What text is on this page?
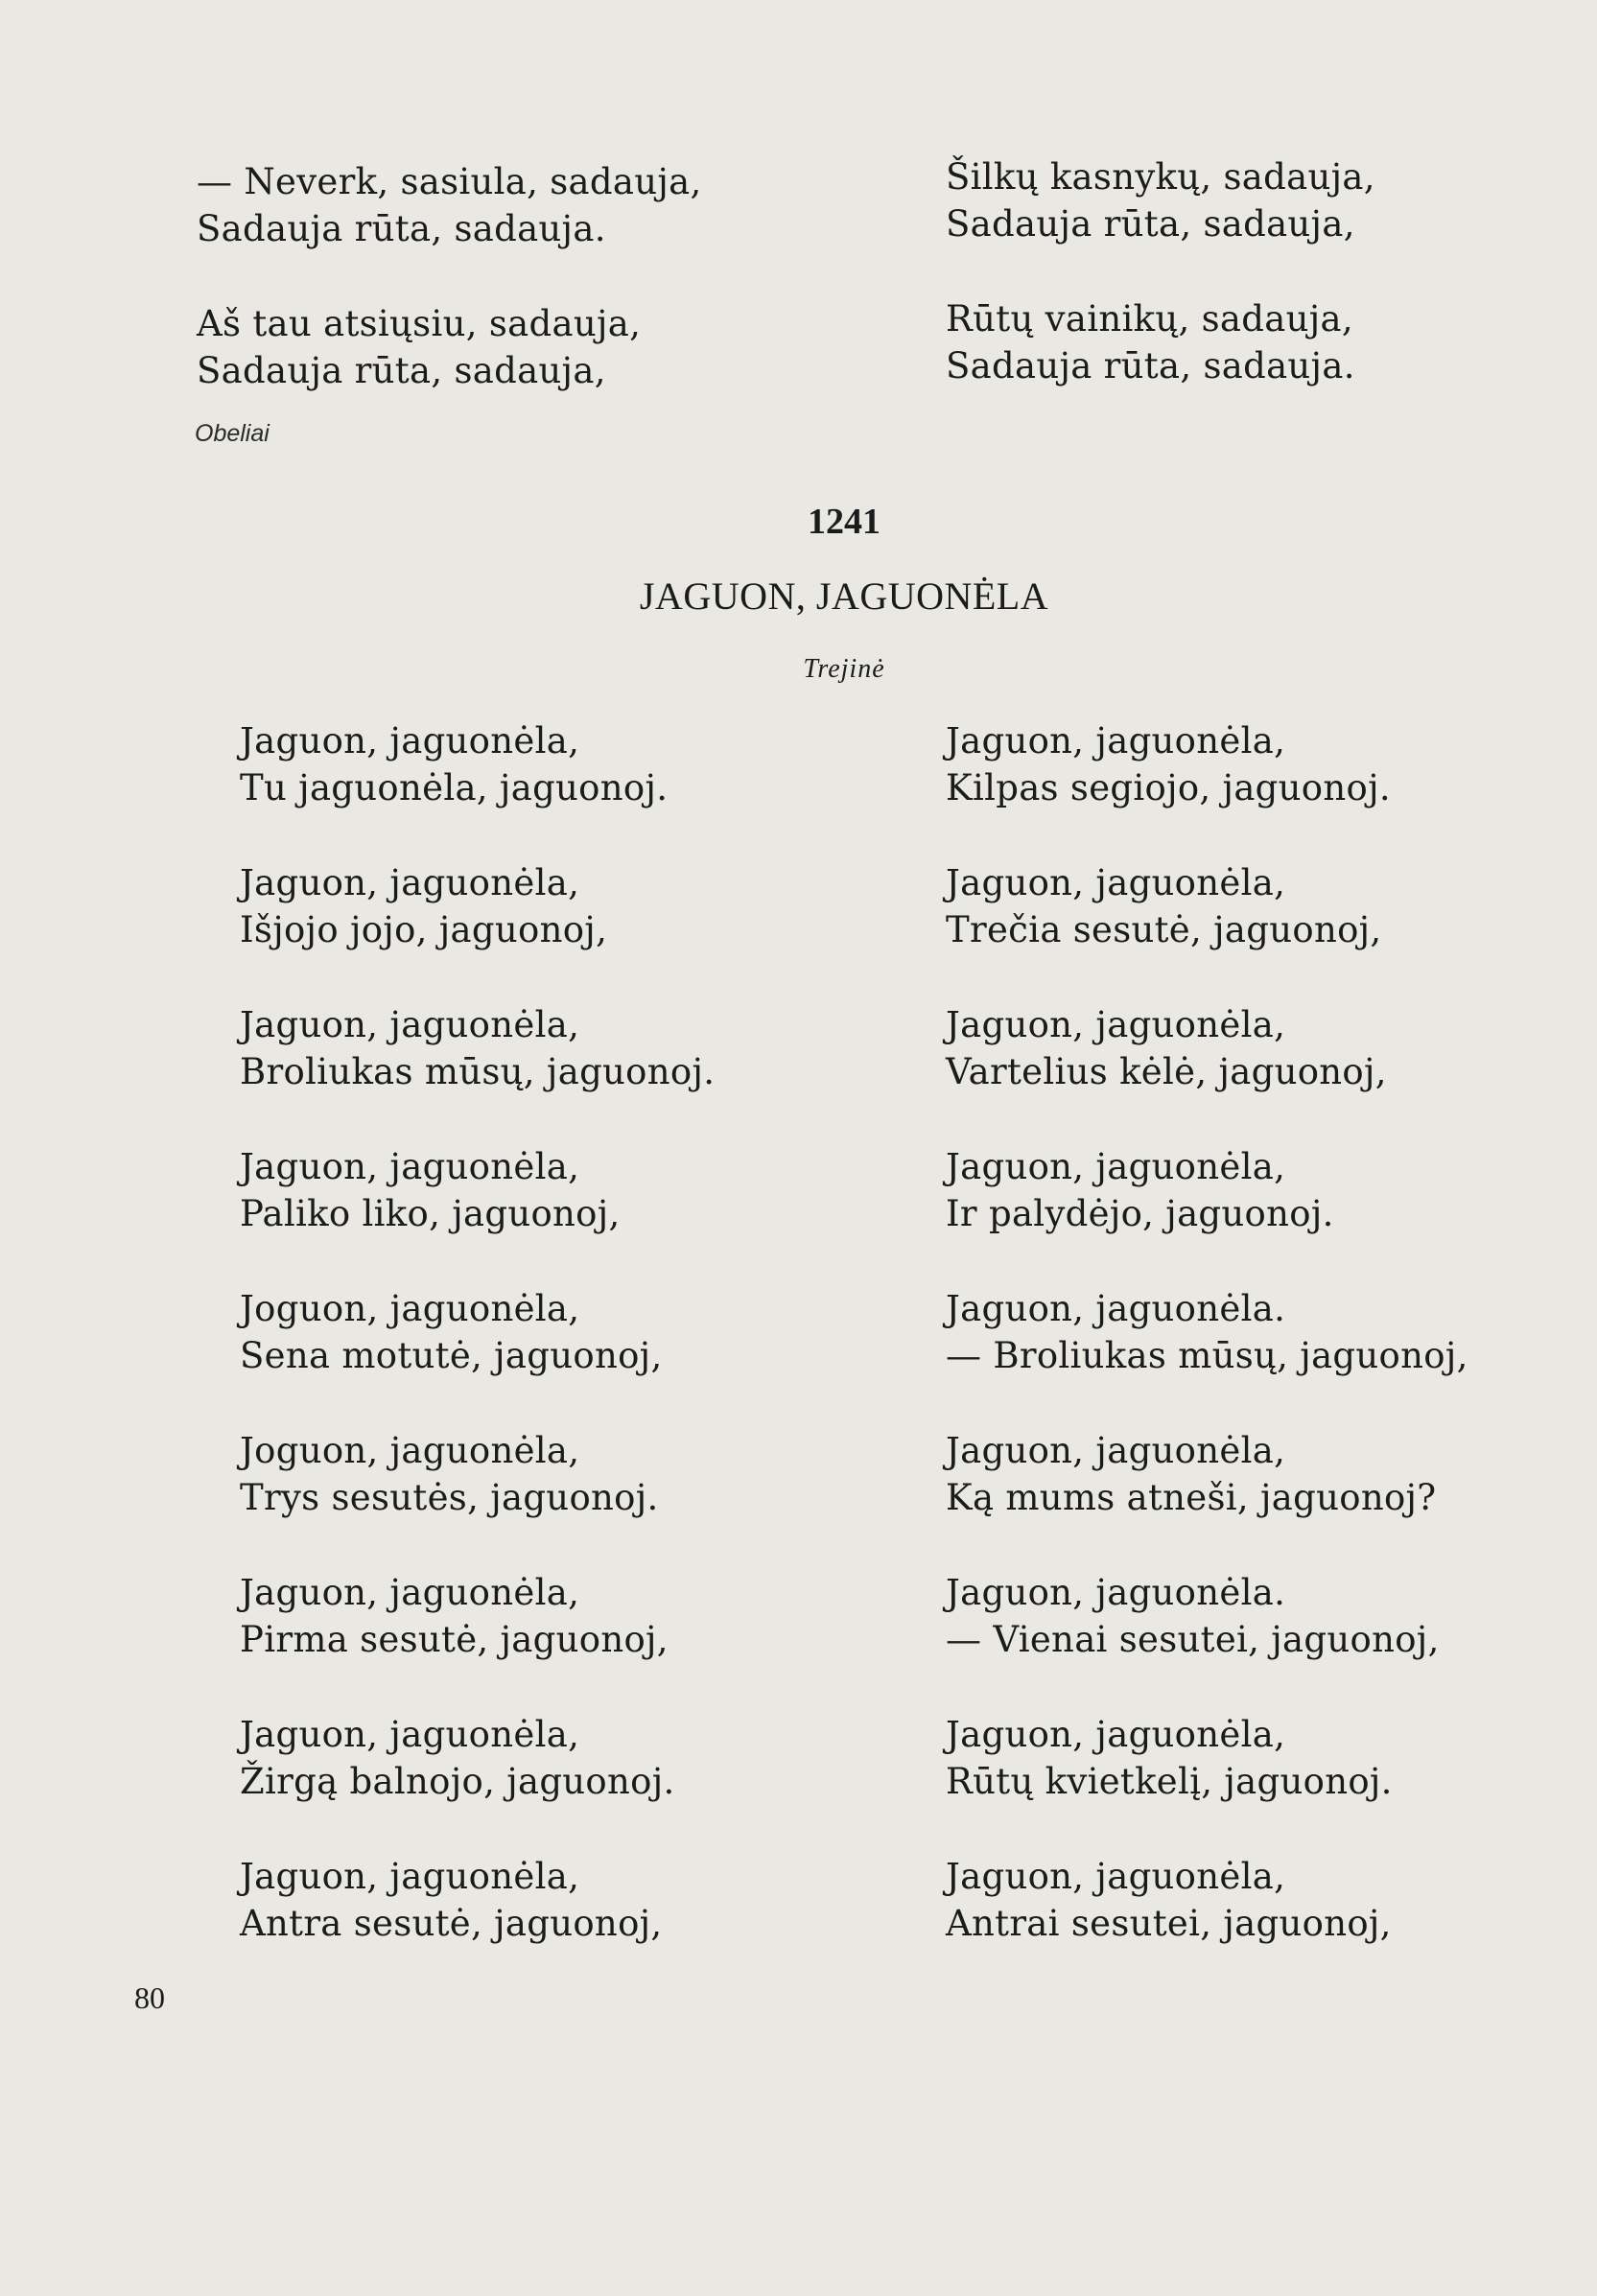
— Neverk, sasiula, sadauja,
Sadauja rūta, sadauja.
Aš tau atsiųsiu, sadauja,
Sadauja rūta, sadauja,
Šilkų kasnykų, sadauja,
Sadauja rūta, sadauja,
Rūtų vainikų, sadauja,
Sadauja rūta, sadauja.
Obeliai
1241
JAGUON, JAGUONĖLA
Trejinė
Jaguon, jaguonėla,
Tu jaguonėla, jaguonoj.
Jaguon, jaguonėla,
Išjojo jojo, jaguonoj,
Jaguon, jaguonėla,
Broliukas mūsų, jaguonoj.
Jaguon, jaguonėla,
Paliko liko, jaguonoj,
Joguon, jaguonėla,
Sena motutė, jaguonoj,
Joguon, jaguonėla,
Trys sesutės, jaguonoj.
Jaguon, jaguonėla,
Pirma sesutė, jaguonoj,
Jaguon, jaguonėla,
Žirgą balnojo, jaguonoj.
Jaguon, jaguonėla,
Antra sesutė, jaguonoj,
Jaguon, jaguonėla,
Kilpas segiojo, jaguonoj.
Jaguon, jaguonėla,
Trečia sesutė, jaguonoj,
Jaguon, jaguonėla,
Vartelius kėlė, jaguonoj,
Jaguon, jaguonėla,
Ir palydėjo, jaguonoj.
Jaguon, jaguonėla.
— Broliukas mūsų, jaguonoj,
Jaguon, jaguonėla,
Ką mums atneši, jaguonoj?
Jaguon, jaguonėla.
— Vienai sesutei, jaguonoj,
Jaguon, jaguonėla,
Rūtų kvietkelį, jaguonoj.
Jaguon, jaguonėla,
Antrai sesutei, jaguonoj,
80
